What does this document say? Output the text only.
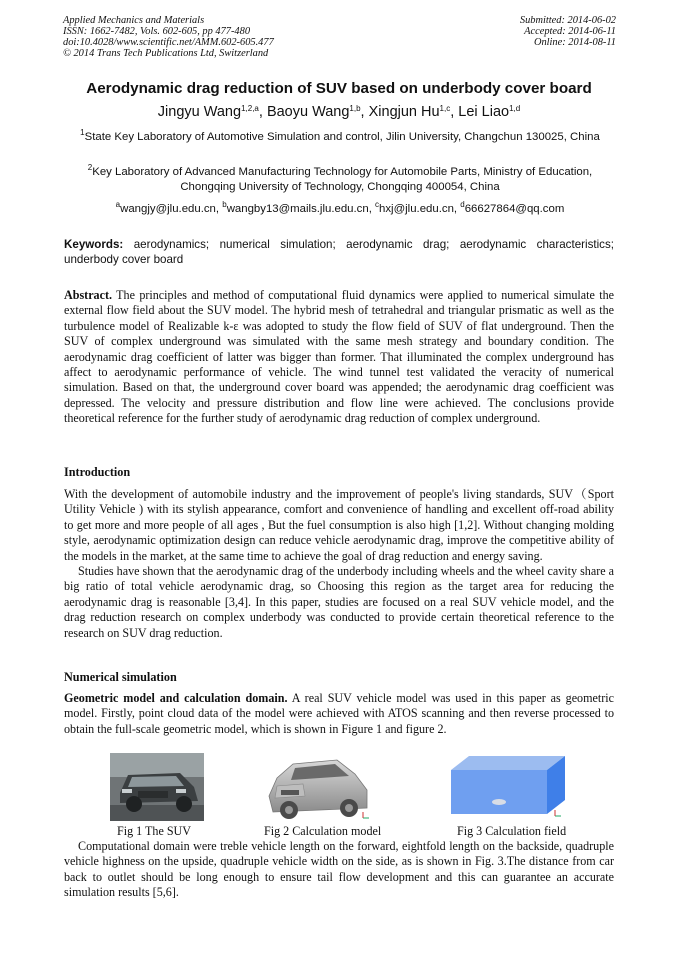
Applied Mechanics and Materials
ISSN: 1662-7482, Vols. 602-605, pp 477-480
doi:10.4028/www.scientific.net/AMM.602-605.477
© 2014 Trans Tech Publications Ltd, Switzerland
Submitted: 2014-06-02
Accepted: 2014-06-11
Online: 2014-08-11
Aerodynamic drag reduction of SUV based on underbody cover board
Jingyu Wang$^{1,2,a}$, Baoyu Wang$^{1,b}$, Xingjun Hu$^{1,c}$, Lei Liao$^{1,d}$
$^1$State Key Laboratory of Automotive Simulation and control, Jilin University, Changchun 130025, China
$^2$Key Laboratory of Advanced Manufacturing Technology for Automobile Parts, Ministry of Education, Chongqing University of Technology, Chongqing 400054, China
$^a$wangjy@jlu.edu.cn, $^b$wangby13@mails.jlu.edu.cn, $^c$hxj@jlu.edu.cn, $^d$66627864@qq.com
Keywords: aerodynamics; numerical simulation; aerodynamic drag; aerodynamic characteristics; underbody cover board
Abstract. The principles and method of computational fluid dynamics were applied to numerical simulate the external flow field about the SUV model. The hybrid mesh of tetrahedral and triangular prismatic as well as the turbulence model of Realizable k-ε was adopted to study the flow field of SUV of flat underground. Then the SUV of complex underground was simulated with the same mesh strategy and boundary condition. The aerodynamic drag coefficient of latter was bigger than former. That illuminated the complex underground has affect to aerodynamic performance of vehicle. The wind tunnel test validated the veracity of numerical simulation. Based on that, the underground cover board was appended; the aerodynamic drag coefficient was depressed. The velocity and pressure distribution and flow line were achieved. The conclusions provide theoretical reference for the further study of aerodynamic drag reduction of complex underground.
Introduction

With the development of automobile industry and the improvement of people's living standards, SUV（Sport Utility Vehicle ) with its stylish appearance, comfort and convenience of handling and excellent off-road ability to get more and more people of all ages , But the fuel consumption is also high [1,2]. Without changing molding style, aerodynamic optimization design can reduce vehicle aerodynamic drag, improve the competitive ability of the models in the market, at the same time to achieve the goal of drag reduction and energy saving.

Studies have shown that the aerodynamic drag of the underbody including wheels and the wheel cavity share a big ratio of total vehicle aerodynamic drag, so Choosing this region as the target area for reducing the aerodynamic drag is reasonable [3,4]. In this paper, studies are focused on a real SUV vehicle model, and the drag reduction research on complex underbody was conducted to provide certain theoretical reference to the research on SUV drag reduction.

Numerical simulation

Geometric model and calculation domain. A real SUV vehicle model was used in this paper as geometric model. Firstly, point cloud data of the model were achieved with ATOS scanning and then reverse processed to obtain the full-scale geometric model, which is shown in Figure 1 and figure 2.

Fig 1 The SUV	Fig 2 Calculation model	Fig 3 Calculation field

Computational domain were treble vehicle length on the forward, eightfold length on the backside, quadruple vehicle highness on the upside, quadruple vehicle width on the side, as is shown in Fig. 3.The distance from car back to outlet should be long enough to ensure tail flow development and this can guarantee an accurate simulation results [5,6].
